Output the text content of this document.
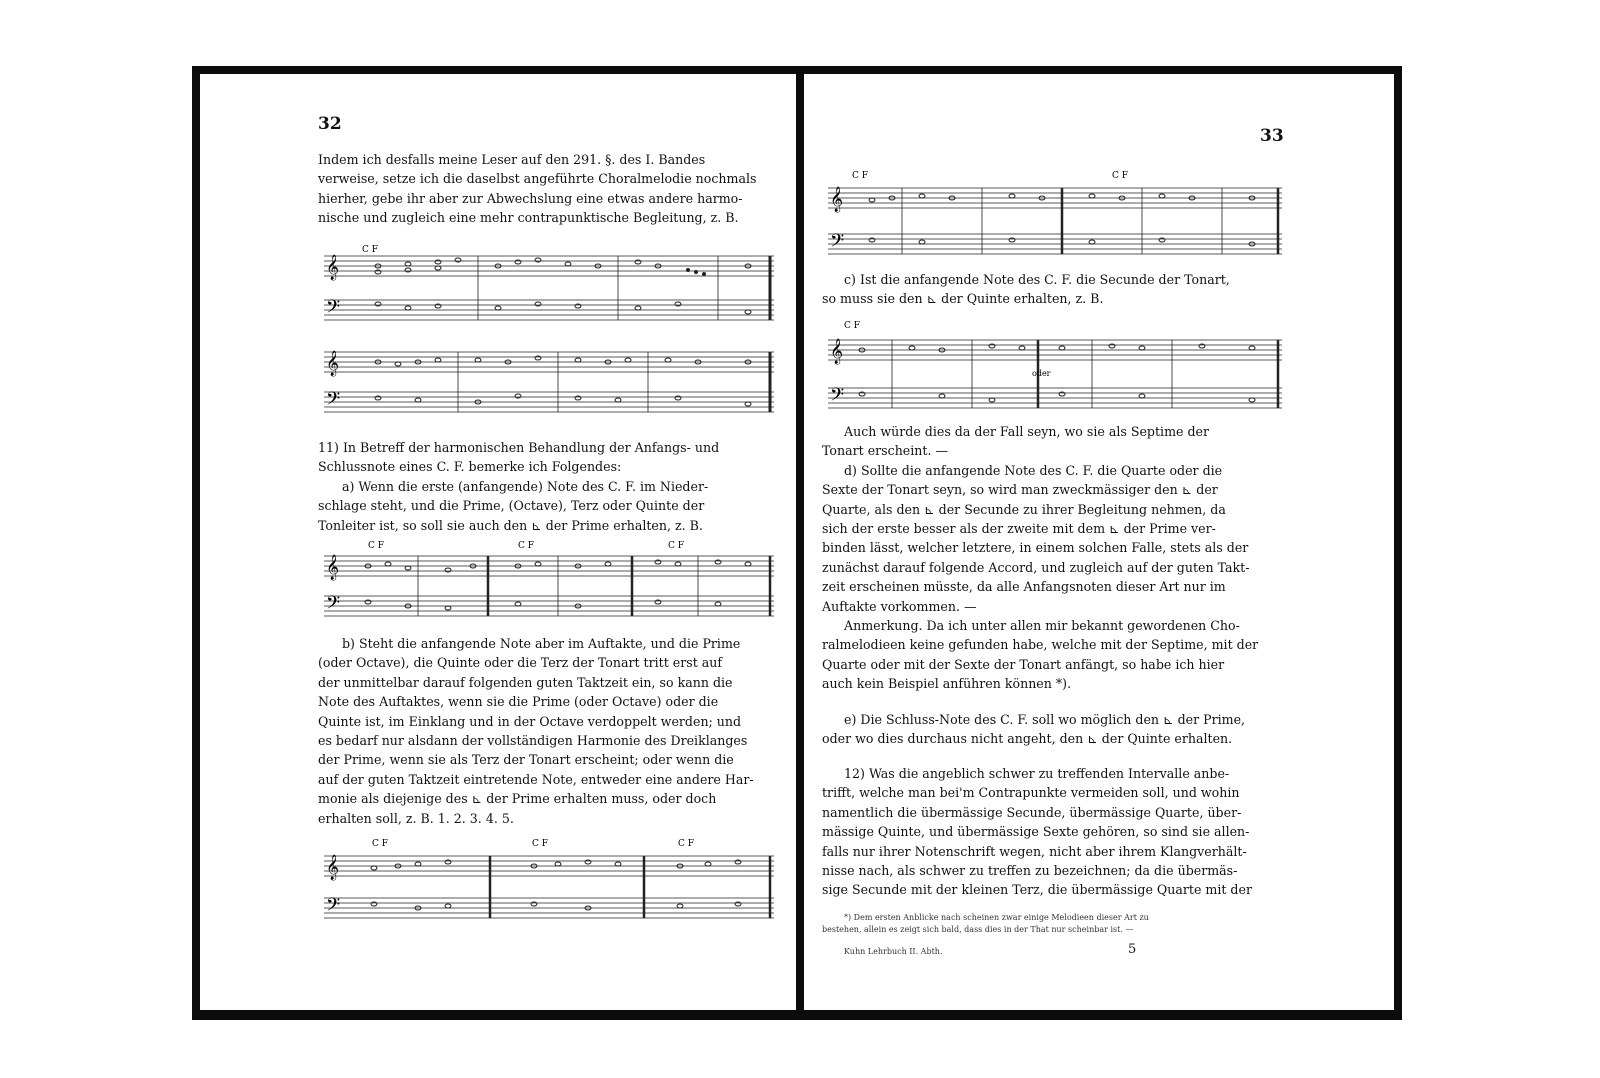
32
Indem ich desfalls meine Leser auf den 291. §. des I. Bandes
verweise, setze ich die daselbst angeführte Choralmelodie nochmals
hierher, gebe ihr aber zur Abwechslung eine etwas andere harmo-
nische und zugleich eine mehr contrapunktische Begleitung, z. B.
𝄞
𝄢
C F
𝄞
𝄢
11) In Betreff der harmonischen Behandlung der Anfangs- und
Schlussnote eines C. F. bemerke ich Folgendes:
a) Wenn die erste (anfangende) Note des C. F. im Nieder-
schlage steht, und die Prime, (Octave), Terz oder Quinte der
Tonleiter ist, so soll sie auch den ⊾ der Prime erhalten, z. B.
𝄞
𝄢
C F	C F	C F
b) Steht die anfangende Note aber im Auftakte, und die Prime
(oder Octave), die Quinte oder die Terz der Tonart tritt erst auf
der unmittelbar darauf folgenden guten Taktzeit ein, so kann die
Note des Auftaktes, wenn sie die Prime (oder Octave) oder die
Quinte ist, im Einklang und in der Octave verdoppelt werden; und
es bedarf nur alsdann der vollständigen Harmonie des Dreiklanges
der Prime, wenn sie als Terz der Tonart erscheint; oder wenn die
auf der guten Taktzeit eintretende Note, entweder eine andere Har-
monie als diejenige des ⊾ der Prime erhalten muss, oder doch
erhalten soll, z. B. 1. 2. 3. 4. 5.
𝄞
𝄢
C F	C F	C F
33
𝄞
𝄢
C F	C F
c) Ist die anfangende Note des C. F. die Secunde der Tonart,
so muss sie den ⊾ der Quinte erhalten, z. B.
𝄞
𝄢
C F
oder
Auch würde dies da der Fall seyn, wo sie als Septime der
Tonart erscheint. —
d) Sollte die anfangende Note des C. F. die Quarte oder die
Sexte der Tonart seyn, so wird man zweckmässiger den ⊾ der
Quarte, als den ⊾ der Secunde zu ihrer Begleitung nehmen, da
sich der erste besser als der zweite mit dem ⊾ der Prime ver-
binden lässt, welcher letztere, in einem solchen Falle, stets als der
zunächst darauf folgende Accord, und zugleich auf der guten Takt-
zeit erscheinen müsste, da alle Anfangsnoten dieser Art nur im
Auftakte vorkommen. —
Anmerkung. Da ich unter allen mir bekannt gewordenen Cho-
ralmelodieen keine gefunden habe, welche mit der Septime, mit der
Quarte oder mit der Sexte der Tonart anfängt, so habe ich hier
auch kein Beispiel anführen können *).
e) Die Schluss-Note des C. F. soll wo möglich den ⊾ der Prime,
oder wo dies durchaus nicht angeht, den ⊾ der Quinte erhalten.
12) Was die angeblich schwer zu treffenden Intervalle anbe-
trifft, welche man bei'm Contrapunkte vermeiden soll, und wohin
namentlich die übermässige Secunde, übermässige Quarte, über-
mässige Quinte, und übermässige Sexte gehören, so sind sie allen-
falls nur ihrer Notenschrift wegen, nicht aber ihrem Klangverhält-
nisse nach, als schwer zu treffen zu bezeichnen; da die übermäs-
sige Secunde mit der kleinen Terz, die übermässige Quarte mit der
*) Dem ersten Anblicke nach scheinen zwar einige Melodieen dieser Art zu
bestehen, allein es zeigt sich bald, dass dies in der That nur scheinbar ist. —
Kuhn Lehrbuch II. Abth.	5
